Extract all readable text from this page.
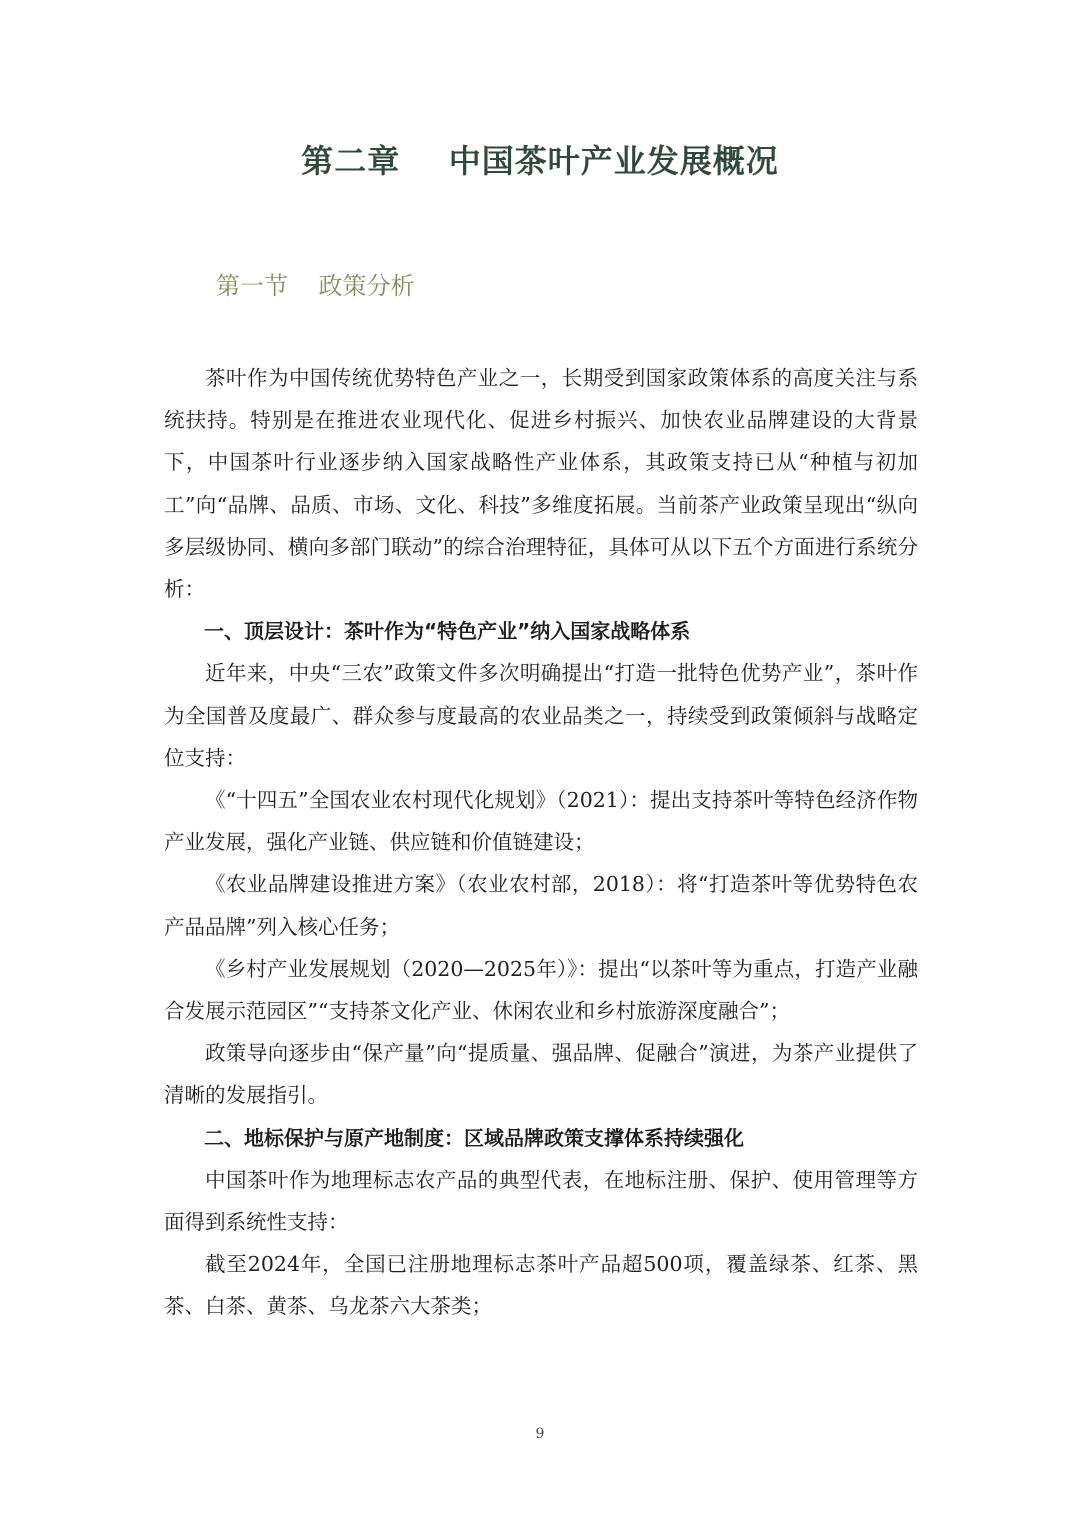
第二章    中国茶叶产业发展概况
第一节    政策分析

茶叶作为中国传统优势特色产业之一，长期受到国家政策体系的高度关注与系统扶持。特别是在推进农业现代化、促进乡村振兴、加快农业品牌建设的大背景下，中国茶叶行业逐步纳入国家战略性产业体系，其政策支持已从“种植与初加工”向“品牌、品质、市场、文化、科技”多维度拓展。当前茶产业政策呈现出“纵向多层级协同、横向多部门联动”的综合治理特征，具体可从以下五个方面进行系统分析：

一、顶层设计：茶叶作为“特色产业”纳入国家战略体系

近年来，中央“三农”政策文件多次明确提出“打造一批特色优势产业”，茶叶作为全国普及度最广、群众参与度最高的农业品类之一，持续受到政策倾斜与战略定位支持：

《“十四五”全国农业农村现代化规划》（2021）：提出支持茶叶等特色经济作物产业发展，强化产业链、供应链和价值链建设；

《农业品牌建设推进方案》（农业农村部，2018）：将“打造茶叶等优势特色农产品品牌”列入核心任务；

《乡村产业发展规划（2020—2025年）》：提出“以茶叶等为重点，打造产业融合发展示范园区”“支持茶文化产业、休闲农业和乡村旅游深度融合”；

政策导向逐步由“保产量”向“提质量、强品牌、促融合”演进，为茶产业提供了清晰的发展指引。

二、地标保护与原产地制度：区域品牌政策支撑体系持续强化

中国茶叶作为地理标志农产品的典型代表，在地标注册、保护、使用管理等方面得到系统性支持：

截至2024年，全国已注册地理标志茶叶产品超500项，覆盖绿茶、红茶、黑茶、白茶、黄茶、乌龙茶六大茶类；

9
